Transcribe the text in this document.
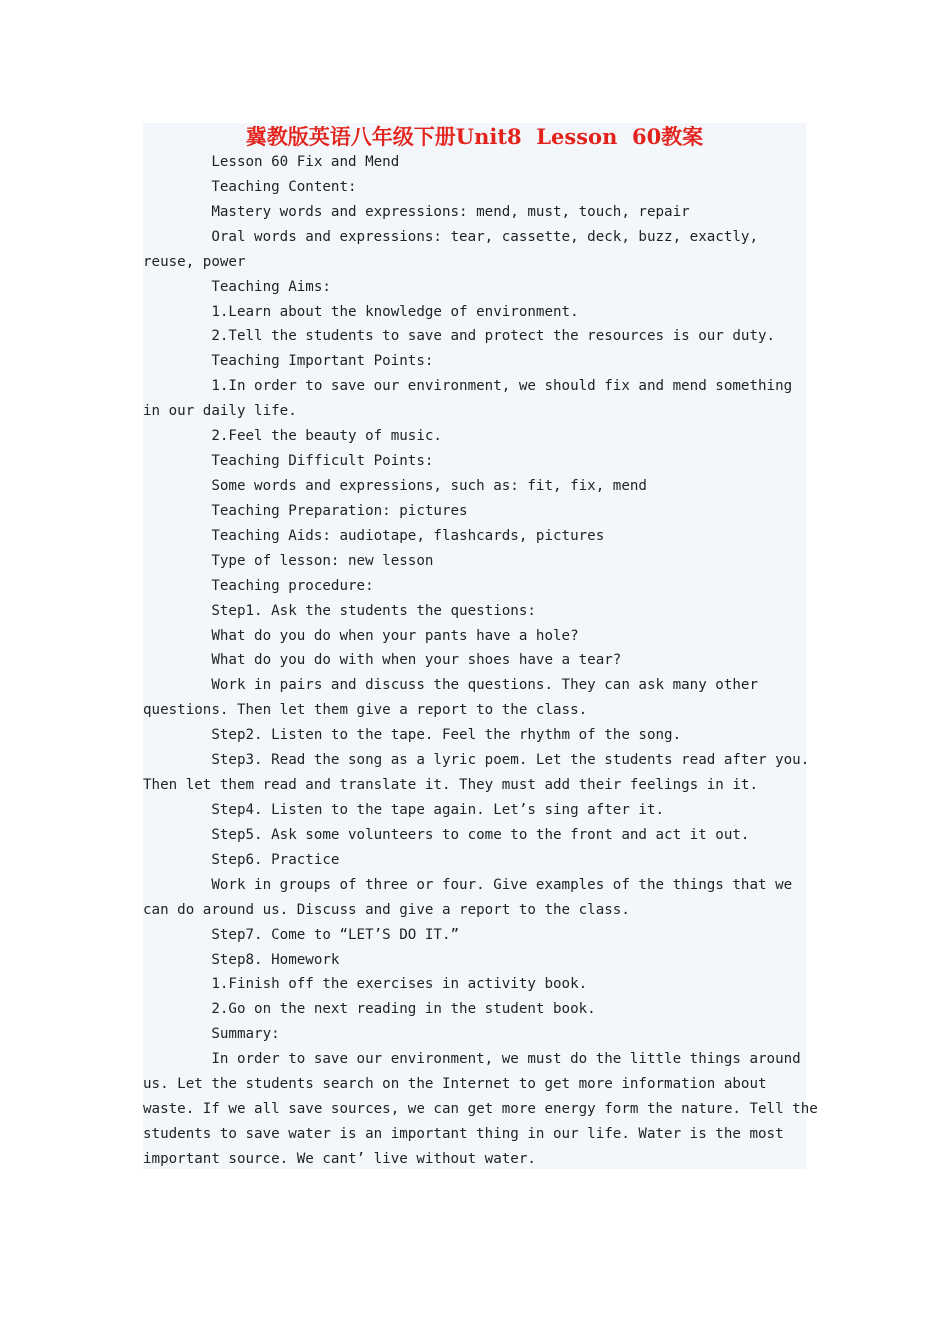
冀教版英语八年级下册Unit8  Lesson  60教案

Lesson 60 Fix and Mend

Teaching Content:

Mastery words and expressions: mend, must, touch, repair

Oral words and expressions: tear, cassette, deck, buzz, exactly,

reuse, power

Teaching Aims:

1.Learn about the knowledge of environment.

2.Tell the students to save and protect the resources is our duty.

Teaching Important Points:

1.In order to save our environment, we should fix and mend something

in our daily life.

2.Feel the beauty of music.

Teaching Difficult Points:

Some words and expressions, such as: fit, fix, mend

Teaching Preparation: pictures

Teaching Aids: audiotape, flashcards, pictures

Type of lesson: new lesson

Teaching procedure:

Step1. Ask the students the questions:

What do you do when your pants have a hole?

What do you do with when your shoes have a tear?

Work in pairs and discuss the questions. They can ask many other

questions. Then let them give a report to the class.

Step2. Listen to the tape. Feel the rhythm of the song.

Step3. Read the song as a lyric poem. Let the students read after you.

Then let them read and translate it. They must add their feelings in it.

Step4. Listen to the tape again. Let’s sing after it.

Step5. Ask some volunteers to come to the front and act it out.

Step6. Practice

Work in groups of three or four. Give examples of the things that we

can do around us. Discuss and give a report to the class.

Step7. Come to “LET’S DO IT.”

Step8. Homework

1.Finish off the exercises in activity book.

2.Go on the next reading in the student book.

Summary:

In order to save our environment, we must do the little things around

us. Let the students search on the Internet to get more information about

waste. If we all save sources, we can get more energy form the nature. Tell the

students to save water is an important thing in our life. Water is the most

important source. We cant’ live without water.
